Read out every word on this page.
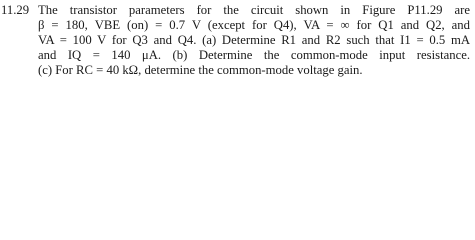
11.29 The transistor parameters for the circuit shown in Figure P11.29 are
β = 180, VBE (on) = 0.7 V (except for Q4), VA = ∞ for Q1 and Q2, and
VA = 100 V for Q3 and Q4. (a) Determine R1 and R2 such that I1 = 0.5 mA
and IQ = 140 μA. (b) Determine the common-mode input resistance.
(c) For RC = 40 kΩ, determine the common-mode voltage gain.
